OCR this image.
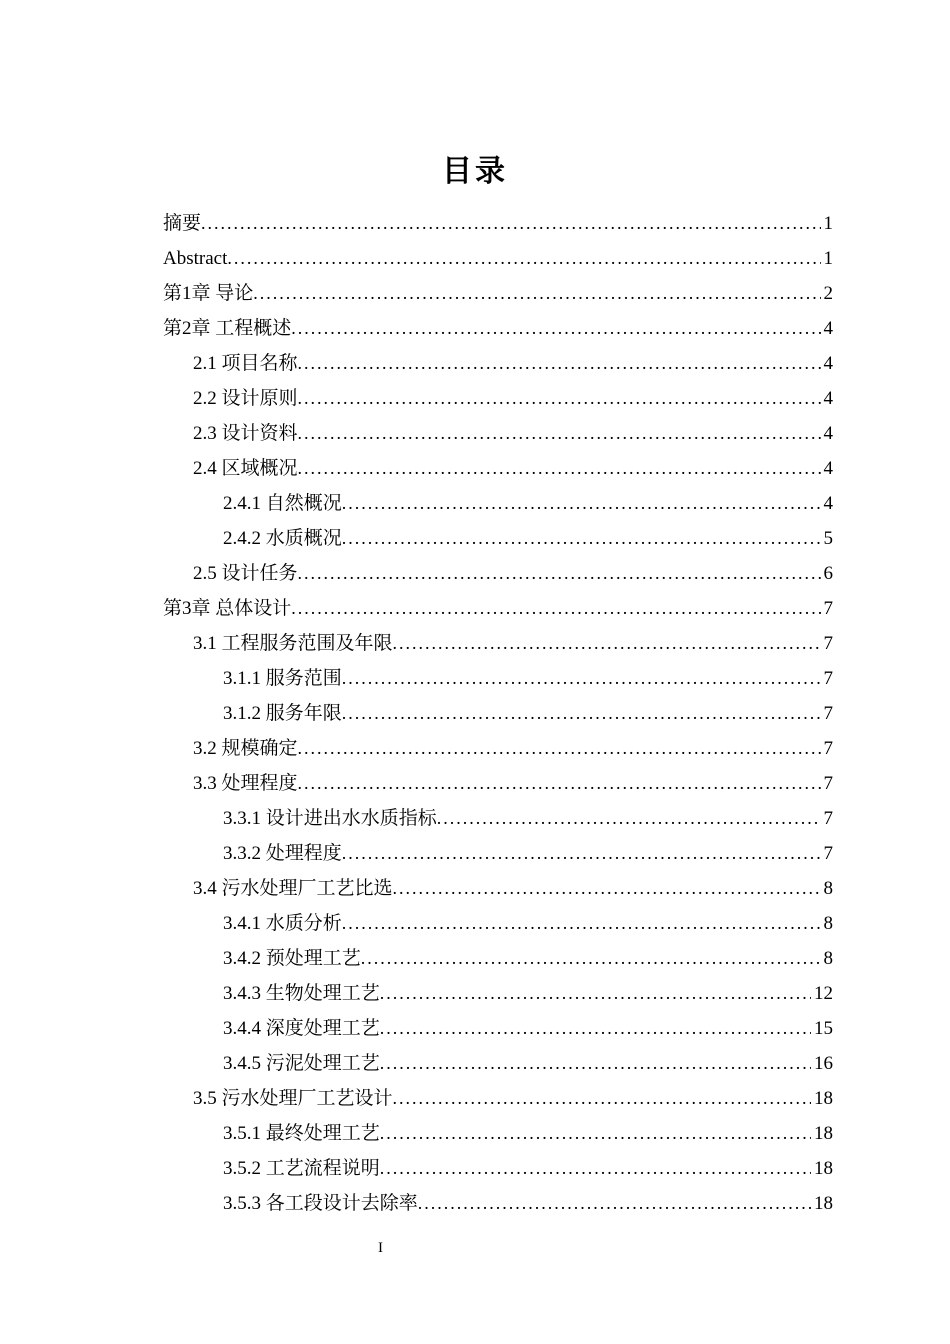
目录
摘要 .....	1
Abstract .....	1
第1章 导论 .....	2
第2章 工程概述 .....	4
2.1 项目名称 .....	4
2.2 设计原则 .....	4
2.3 设计资料 .....	4
2.4 区域概况 .....	4
2.4.1 自然概况 .....	4
2.4.2 水质概况 .....	5
2.5 设计任务 .....	6
第3章 总体设计 .....	7
3.1 工程服务范围及年限 .....	7
3.1.1 服务范围 .....	7
3.1.2 服务年限 .....	7
3.2 规模确定 .....	7
3.3 处理程度 .....	7
3.3.1 设计进出水水质指标 .....	7
3.3.2 处理程度 .....	7
3.4 污水处理厂工艺比选 .....	8
3.4.1 水质分析 .....	8
3.4.2 预处理工艺 .....	8
3.4.3 生物处理工艺 .....	12
3.4.4 深度处理工艺 .....	15
3.4.5 污泥处理工艺 .....	16
3.5 污水处理厂工艺设计 .....	18
3.5.1 最终处理工艺 .....	18
3.5.2 工艺流程说明 .....	18
3.5.3 各工段设计去除率 .....	18
I
